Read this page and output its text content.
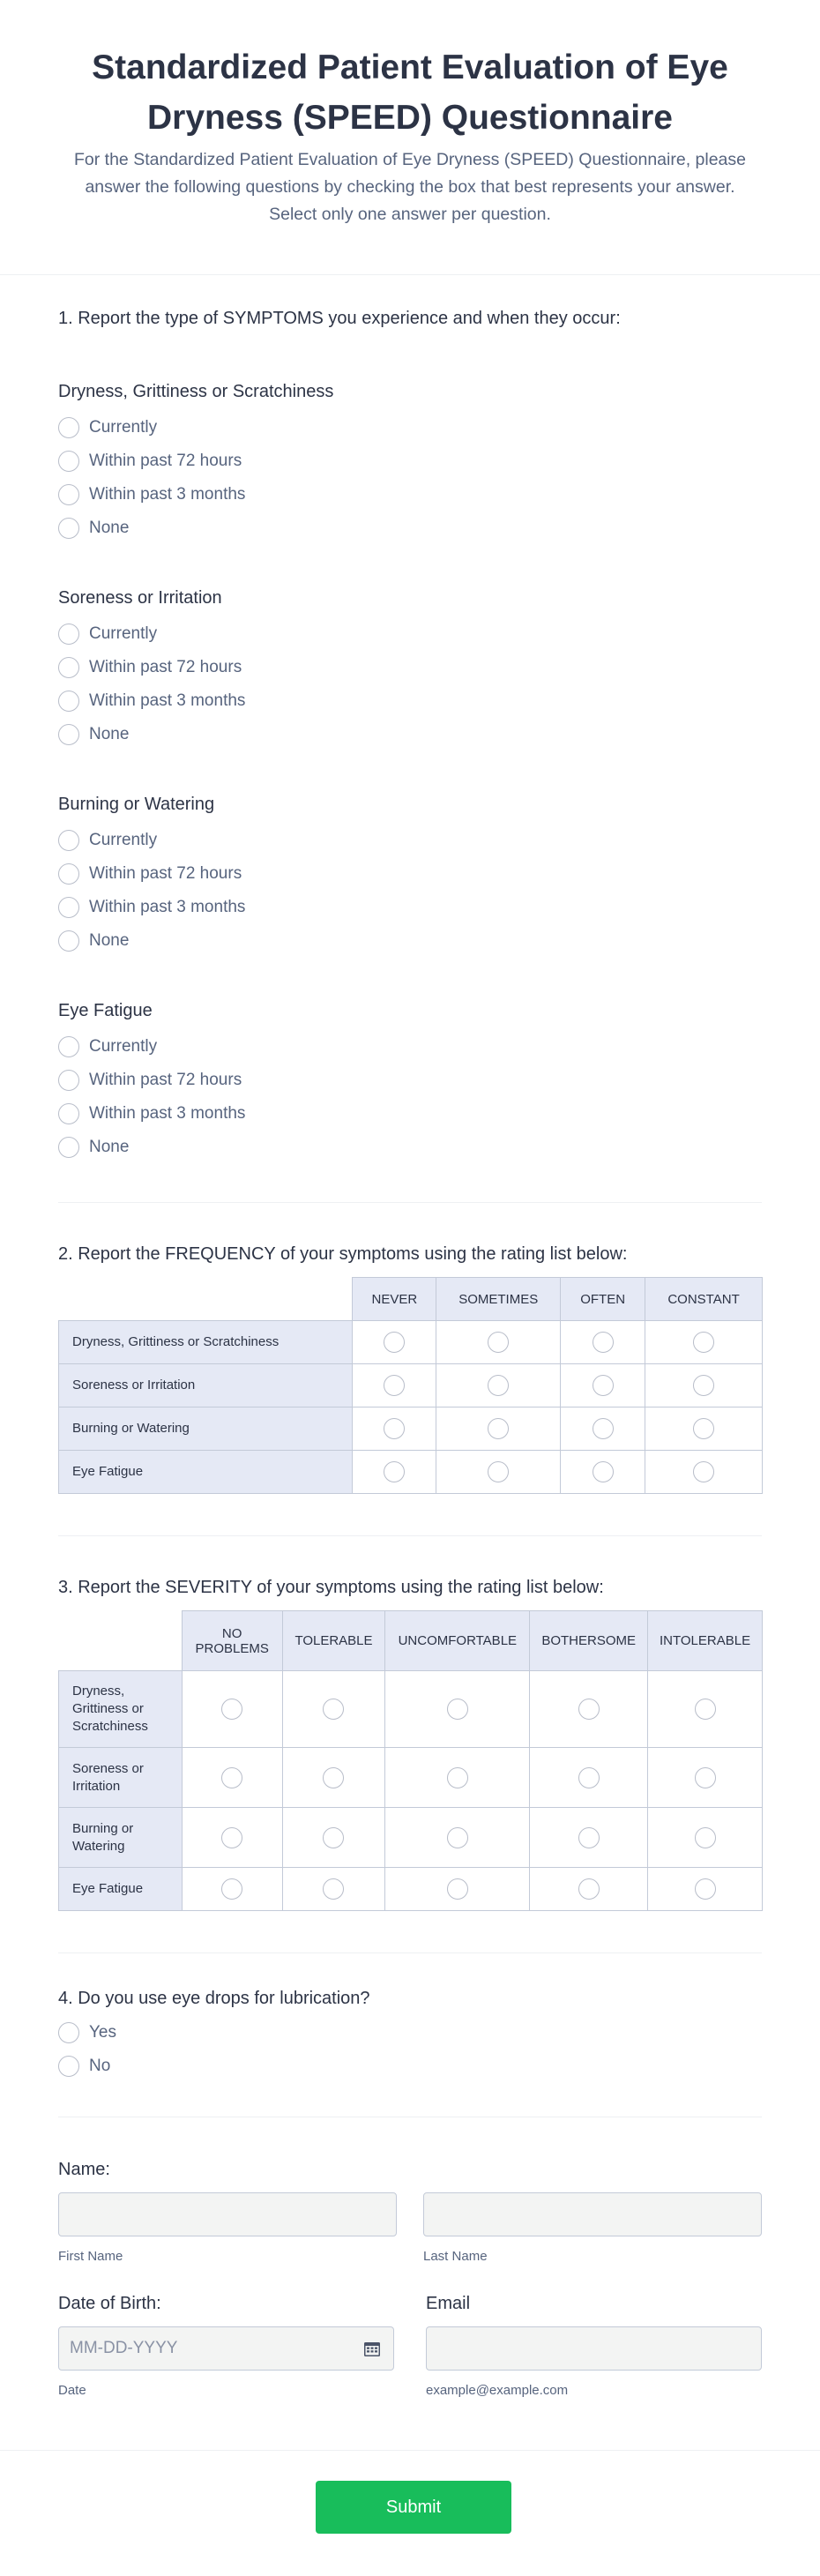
Standardized Patient Evaluation of Eye Dryness (SPEED) Questionnaire

For the Standardized Patient Evaluation of Eye Dryness (SPEED) Questionnaire, please answer the following questions by checking the box that best represents your answer. Select only one answer per question.

1. Report the type of SYMPTOMS you experience and when they occur:
Dryness, Grittiness or Scratchiness
Currently
Within past 72 hours
Within past 3 months
None
Soreness or Irritation
Currently
Within past 72 hours
Within past 3 months
None
Burning or Watering
Currently
Within past 72 hours
Within past 3 months
None
Eye Fatigue
Currently
Within past 72 hours
Within past 3 months
None
2. Report the FREQUENCY of your symptoms using the rating list below:
	NEVER	SOMETIMES	OFTEN	CONSTANT
Dryness, Grittiness or Scratchiness				
Soreness or Irritation				
Burning or Watering				
Eye Fatigue				
3. Report the SEVERITY of your symptoms using the rating list below:
	NO PROBLEMS	TOLERABLE	UNCOMFORTABLE	BOTHERSOME	INTOLERABLE
Dryness, Grittiness or Scratchiness					
Soreness or Irritation					
Burning or Watering					
Eye Fatigue					
4. Do you use eye drops for lubrication?
Yes
No
Name:
First Name	Last Name
Date of Birth:
MM-DD-YYYY
Date
Email
example@example.com
Submit
